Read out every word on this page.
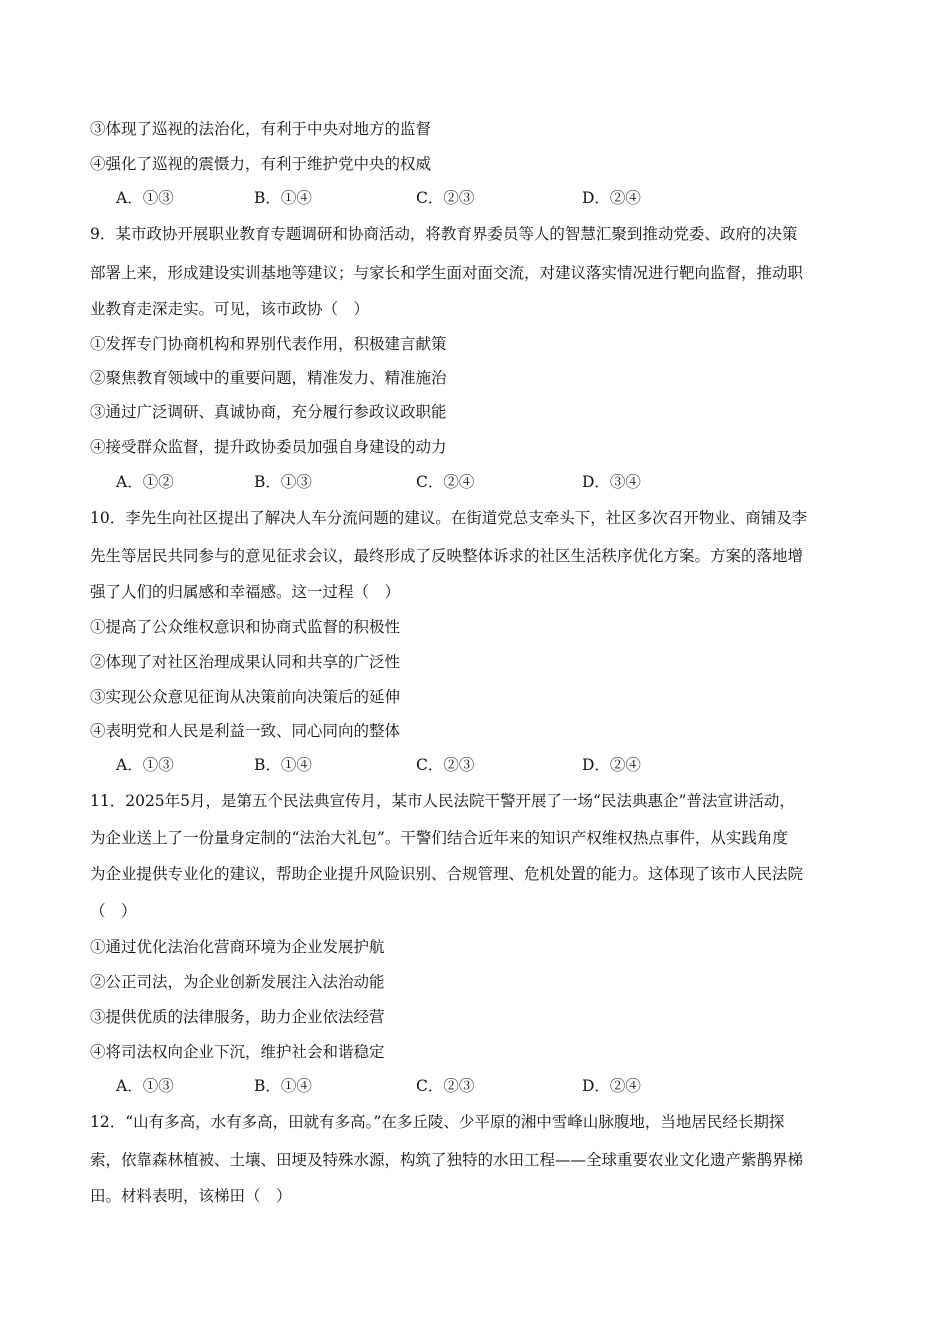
③体现了巡视的法治化，有利于中央对地方的监督
④强化了巡视的震慑力，有利于维护党中央的权威
A．①③	B．①④	C．②③	D．②④
9．某市政协开展职业教育专题调研和协商活动，将教育界委员等人的智慧汇聚到推动党委、政府的决策
部署上来，形成建设实训基地等建议；与家长和学生面对面交流，对建议落实情况进行靶向监督，推动职
业教育走深走实。可见，该市政协（　）
①发挥专门协商机构和界别代表作用，积极建言献策
②聚焦教育领域中的重要问题，精准发力、精准施治
③通过广泛调研、真诚协商，充分履行参政议政职能
④接受群众监督，提升政协委员加强自身建设的动力
A．①②	B．①③	C．②④	D．③④
10．李先生向社区提出了解决人车分流问题的建议。在街道党总支牵头下，社区多次召开物业、商铺及李
先生等居民共同参与的意见征求会议，最终形成了反映整体诉求的社区生活秩序优化方案。方案的落地增
强了人们的归属感和幸福感。这一过程（　）
①提高了公众维权意识和协商式监督的积极性
②体现了对社区治理成果认同和共享的广泛性
③实现公众意见征询从决策前向决策后的延伸
④表明党和人民是利益一致、同心同向的整体
A．①③	B．①④	C．②③	D．②④
11．2025年5月，是第五个民法典宣传月，某市人民法院干警开展了一场“民法典惠企”普法宣讲活动，
为企业送上了一份量身定制的“法治大礼包”。干警们结合近年来的知识产权维权热点事件，从实践角度
为企业提供专业化的建议，帮助企业提升风险识别、合规管理、危机处置的能力。这体现了该市人民法院
（　）
①通过优化法治化营商环境为企业发展护航
②公正司法，为企业创新发展注入法治动能
③提供优质的法律服务，助力企业依法经营
④将司法权向企业下沉，维护社会和谐稳定
A．①③	B．①④	C．②③	D．②④
12．“山有多高，水有多高，田就有多高。”在多丘陵、少平原的湘中雪峰山脉腹地，当地居民经长期探
索，依靠森林植被、土壤、田埂及特殊水源，构筑了独特的水田工程——全球重要农业文化遗产紫鹊界梯
田。材料表明，该梯田（　）
